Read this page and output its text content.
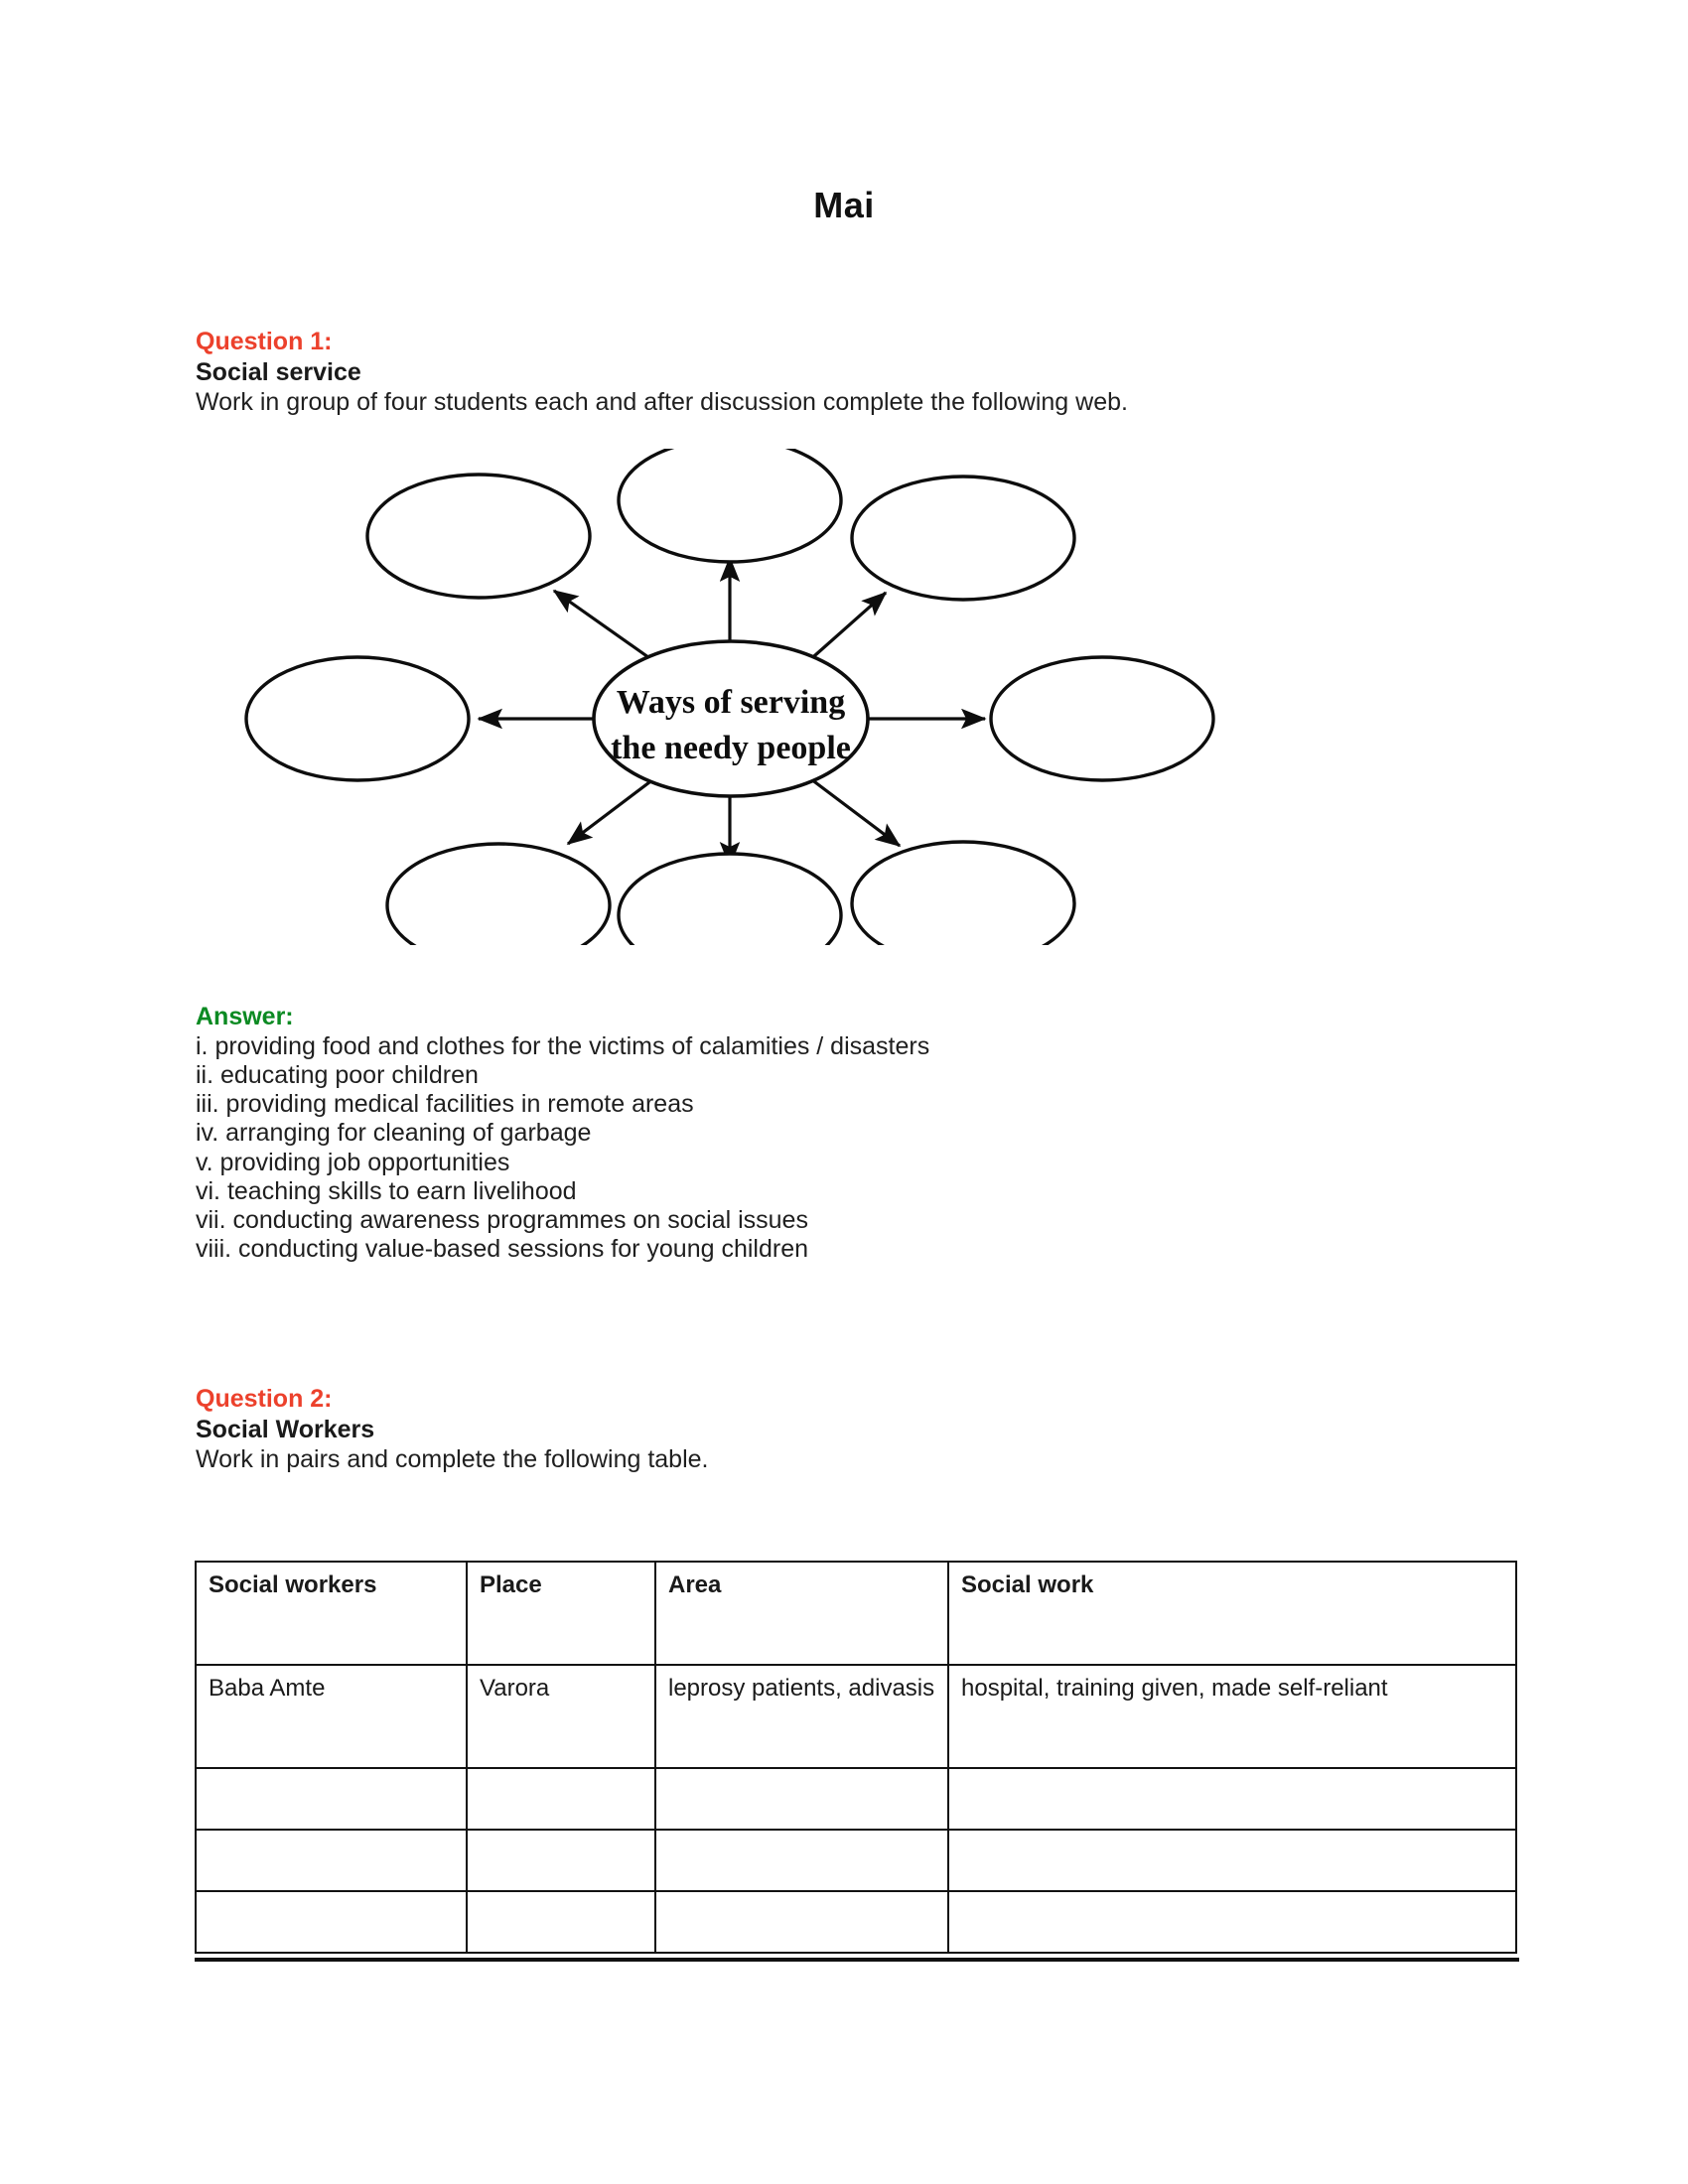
Mai

Question 1:

Social service

Work in group of four students each and after discussion complete the following web.

Ways of serving
the needy people

Answer:

i. providing food and clothes for the victims of calamities / disasters
ii. educating poor children
iii. providing medical facilities in remote areas
iv. arranging for cleaning of garbage
v. providing job opportunities
vi. teaching skills to earn livelihood
vii. conducting awareness programmes on social issues
viii. conducting value-based sessions for young children

Question 2:

Social Workers

Work in pairs and complete the following table.

Social workers	Place	Area	Social work
Baba Amte	Varora	leprosy patients, adivasis	hospital, training given, made self-reliant
